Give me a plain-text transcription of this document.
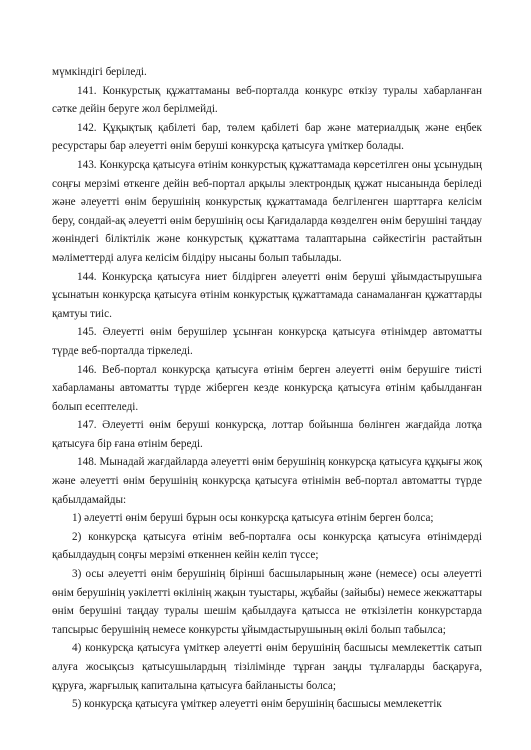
мүмкіндігі беріледі.

141. Конкурстық құжаттаманы веб-порталда конкурс өткізу туралы хабарланған сәтке дейін беруге жол берілмейді.

142. Құқықтық қабілеті бар, төлем қабілеті бар және материалдық және еңбек ресурстары бар әлеуетті өнім беруші конкурсқа қатысуға үміткер болады.

143. Конкурсқа қатысуға өтінім конкурстық құжаттамада көрсетілген оны ұсынудың соңғы мерзімі өткенге дейін веб-портал арқылы электрондық құжат нысанында беріледі және әлеуетті өнім берушінің конкурстық құжаттамада белгіленген шарттарға келісім беру, сондай-ақ әлеуетті өнім берушінің осы Қағидаларда көзделген өнім берушіні таңдау жөніндегі біліктілік және конкурстық құжаттама талаптарына сәйкестігін растайтын мәліметтерді алуға келісім білдіру нысаны болып табылады.

144. Конкурсқа қатысуға ниет білдірген әлеуетті өнім беруші ұйымдастырушыға ұсынатын конкурсқа қатысуға өтінім конкурстық құжаттамада санамаланған құжаттарды қамтуы тиіс.

145. Әлеуетті өнім берушілер ұсынған конкурсқа қатысуға өтінімдер автоматты түрде веб-порталда тіркеледі.

146. Веб-портал конкурсқа қатысуға өтінім берген әлеуетті өнім берушіге тиісті хабарламаны автоматты түрде жіберген кезде конкурсқа қатысуға өтінім қабылданған болып есептеледі.

147. Әлеуетті өнім беруші конкурсқа, лоттар бойынша бөлінген жағдайда лотқа қатысуға бір ғана өтінім береді.

148. Мынадай жағдайларда әлеуетті өнім берушінің конкурсқа қатысуға құқығы жоқ және әлеуетті өнім берушінің конкурсқа қатысуға өтінімін веб-портал автоматты түрде қабылдамайды:

1) әлеуетті өнім беруші бұрын осы конкурсқа қатысуға өтінім берген болса;

2) конкурсқа қатысуға өтінім веб-порталға осы конкурсқа қатысуға өтінімдерді қабылдаудың соңғы мерзімі өткеннен кейін келіп түссе;

3) осы әлеуетті өнім берушінің бірінші басшыларының және (немесе) осы әлеуетті өнім берушінің уәкілетті өкілінің жақын туыстары, жұбайы (зайыбы) немесе жекжаттары өнім берушіні таңдау туралы шешім қабылдауға қатысса не өткізілетін конкурстарда тапсырыс берушінің немесе конкурсты ұйымдастырушының өкілі болып табылса;

4) конкурсқа қатысуға үміткер әлеуетті өнім берушінің басшысы мемлекеттік сатып алуға жосықсыз қатысушылардың тізілімінде тұрған заңды тұлғаларды басқаруға, құруға, жарғылық капиталына қатысуға байланысты болса;

5) конкурсқа қатысуға үміткер әлеуетті өнім берушінің басшысы мемлекеттік
